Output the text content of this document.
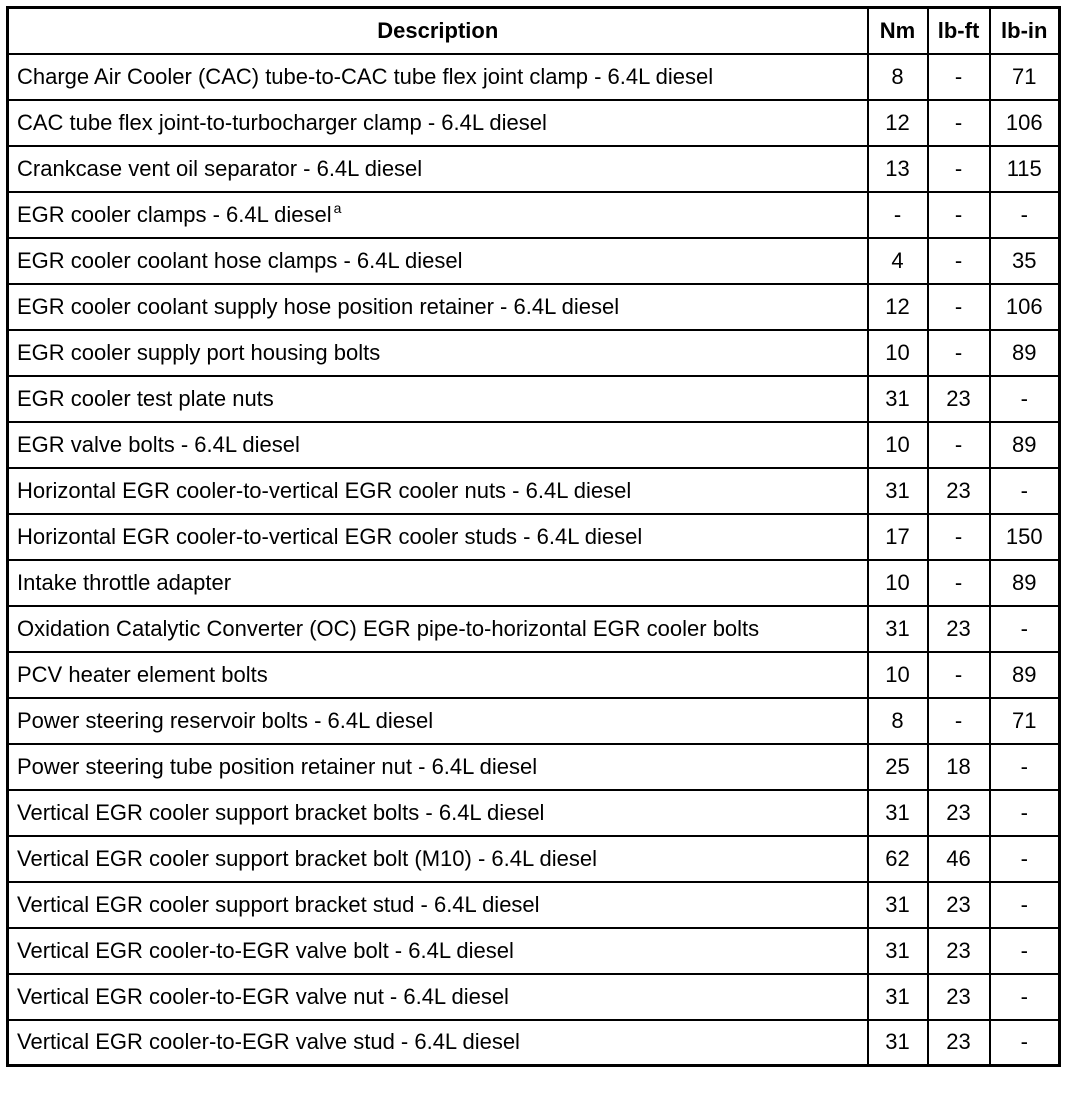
Description	Nm	lb-ft	lb-in
Charge Air Cooler (CAC) tube-to-CAC tube flex joint clamp - 6.4L diesel	8	-	71
CAC tube flex joint-to-turbocharger clamp - 6.4L diesel	12	-	106
Crankcase vent oil separator - 6.4L diesel	13	-	115
EGR cooler clamps - 6.4L diesel $^a$	-	-	-
EGR cooler coolant hose clamps - 6.4L diesel	4	-	35
EGR cooler coolant supply hose position retainer - 6.4L diesel	12	-	106
EGR cooler supply port housing bolts	10	-	89
EGR cooler test plate nuts	31	23	-
EGR valve bolts - 6.4L diesel	10	-	89
Horizontal EGR cooler-to-vertical EGR cooler nuts - 6.4L diesel	31	23	-
Horizontal EGR cooler-to-vertical EGR cooler studs - 6.4L diesel	17	-	150
Intake throttle adapter	10	-	89
Oxidation Catalytic Converter (OC) EGR pipe-to-horizontal EGR cooler bolts	31	23	-
PCV heater element bolts	10	-	89
Power steering reservoir bolts - 6.4L diesel	8	-	71
Power steering tube position retainer nut - 6.4L diesel	25	18	-
Vertical EGR cooler support bracket bolts - 6.4L diesel	31	23	-
Vertical EGR cooler support bracket bolt (M10) - 6.4L diesel	62	46	-
Vertical EGR cooler support bracket stud - 6.4L diesel	31	23	-
Vertical EGR cooler-to-EGR valve bolt - 6.4L diesel	31	23	-
Vertical EGR cooler-to-EGR valve nut - 6.4L diesel	31	23	-
Vertical EGR cooler-to-EGR valve stud - 6.4L diesel	31	23	-
